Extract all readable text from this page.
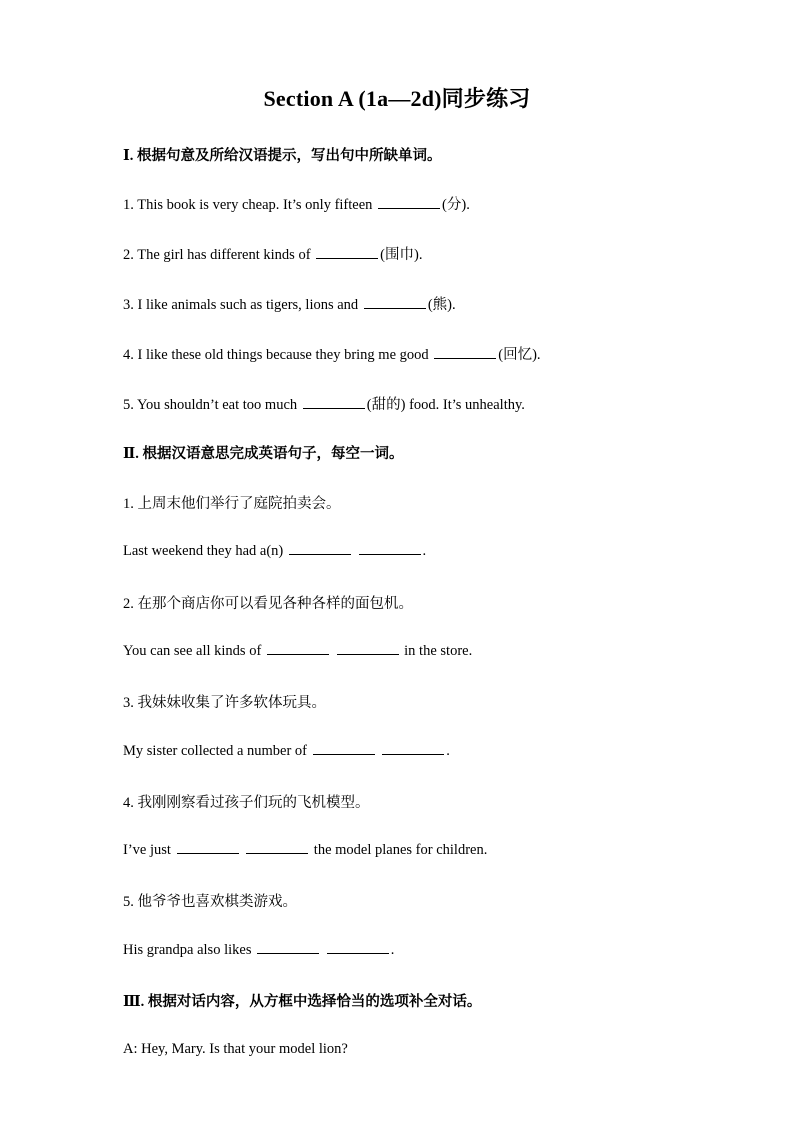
Section A (1a—2d)同步练习
Ⅰ. 根据句意及所给汉语提示，写出句中所缺单词。
1. This book is very cheap. It’s only fifteen	(分).
2. The girl has different kinds of	(围巾).
3. I like animals such as tigers, lions and	(熊).
4. I like these old things because they bring me good	(回忆).
5. You shouldn’t eat too much	(甜的) food. It’s unhealthy.
Ⅱ. 根据汉语意思完成英语句子，每空一词。
1. 上周末他们举行了庭院拍卖会。
Last weekend they had a(n)	.
2. 在那个商店你可以看见各种各样的面包机。
You can see all kinds of	in the store.
3. 我妹妹收集了许多软体玩具。
My sister collected a number of	.
4. 我刚刚察看过孩子们玩的飞机模型。
I’ve just	the model planes for children.
5. 他爷爷也喜欢棋类游戏。
His grandpa also likes	.
Ⅲ. 根据对话内容，从方框中选择恰当的选项补全对话。
A: Hey, Mary. Is that your model lion?
